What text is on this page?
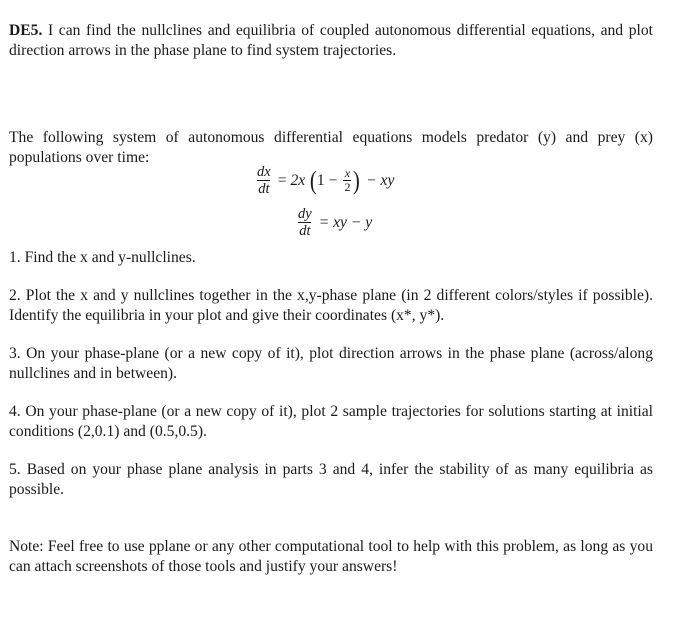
DE5. I can find the nullclines and equilibria of coupled autonomous differential equations, and plot direction arrows in the phase plane to find system trajectories.

The following system of autonomous differential equations models predator (y) and prey (x) populations over time:

$\frac{dx}{dt} = 2x$ ( $1 - \frac{x}{2}$ ) − xy
$\frac{dy}{dt}$ = xy − y

1. Find the x and y-nullclines.

2. Plot the x and y nullclines together in the x,y-phase plane (in 2 different colors/styles if possible). Identify the equilibria in your plot and give their coordinates (x*, y*).

3. On your phase-plane (or a new copy of it), plot direction arrows in the phase plane (across/along nullclines and in between).

4. On your phase-plane (or a new copy of it), plot 2 sample trajectories for solutions starting at initial conditions (2,0.1) and (0.5,0.5).

5. Based on your phase plane analysis in parts 3 and 4, infer the stability of as many equilibria as possible.

Note: Feel free to use pplane or any other computational tool to help with this problem, as long as you can attach screenshots of those tools and justify your answers!
